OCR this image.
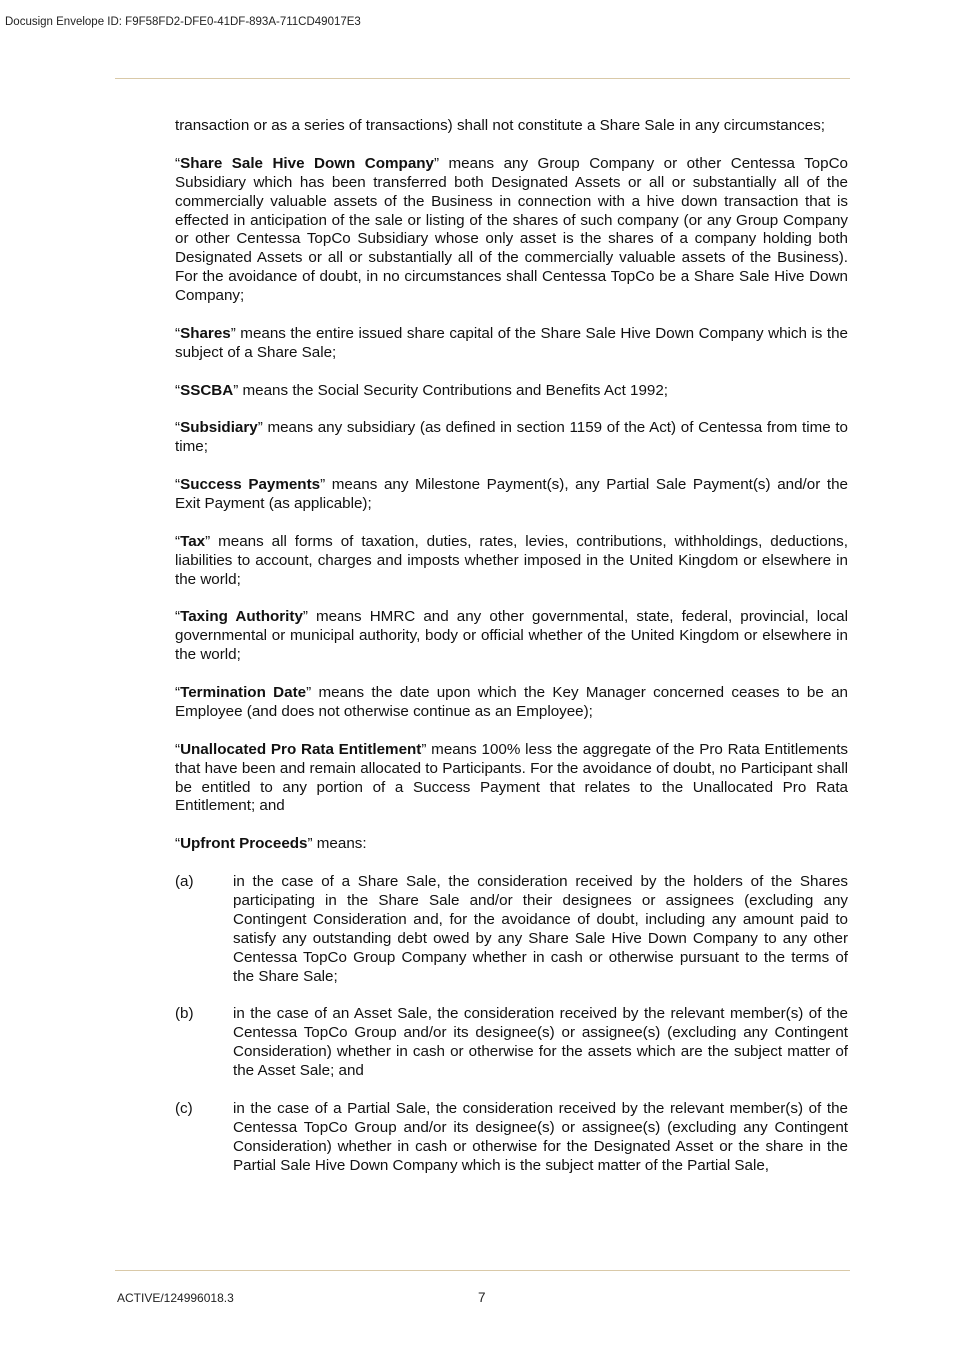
Docusign Envelope ID: F9F58FD2-DFE0-41DF-893A-711CD49017E3

transaction or as a series of transactions) shall not constitute a Share Sale in any circumstances;

“Share Sale Hive Down Company” means any Group Company or other Centessa TopCo Subsidiary which has been transferred both Designated Assets or all or substantially all of the commercially valuable assets of the Business in connection with a hive down transaction that is effected in anticipation of the sale or listing of the shares of such company (or any Group Company or other Centessa TopCo Subsidiary whose only asset is the shares of a company holding both Designated Assets or all or substantially all of the commercially valuable assets of the Business). For the avoidance of doubt, in no circumstances shall Centessa TopCo be a Share Sale Hive Down Company;

“Shares” means the entire issued share capital of the Share Sale Hive Down Company which is the subject of a Share Sale;

“SSCBA” means the Social Security Contributions and Benefits Act 1992;

“Subsidiary” means any subsidiary (as defined in section 1159 of the Act) of Centessa from time to time;

“Success Payments” means any Milestone Payment(s), any Partial Sale Payment(s) and/or the Exit Payment (as applicable);

“Tax” means all forms of taxation, duties, rates, levies, contributions, withholdings, deductions, liabilities to account, charges and imposts whether imposed in the United Kingdom or elsewhere in the world;

“Taxing Authority” means HMRC and any other governmental, state, federal, provincial, local governmental or municipal authority, body or official whether of the United Kingdom or elsewhere in the world;

“Termination Date” means the date upon which the Key Manager concerned ceases to be an Employee (and does not otherwise continue as an Employee);

“Unallocated Pro Rata Entitlement” means 100% less the aggregate of the Pro Rata Entitlements that have been and remain allocated to Participants. For the avoidance of doubt, no Participant shall be entitled to any portion of a Success Payment that relates to the Unallocated Pro Rata Entitlement; and

“Upfront Proceeds” means:

(a)	in the case of a Share Sale, the consideration received by the holders of the Shares participating in the Share Sale and/or their designees or assignees (excluding any Contingent Consideration and, for the avoidance of doubt, including any amount paid to satisfy any outstanding debt owed by any Share Sale Hive Down Company to any other Centessa TopCo Group Company whether in cash or otherwise pursuant to the terms of the Share Sale;
(b)	in the case of an Asset Sale, the consideration received by the relevant member(s) of the Centessa TopCo Group and/or its designee(s) or assignee(s) (excluding any Contingent Consideration) whether in cash or otherwise for the assets which are the subject matter of the Asset Sale; and
(c)	in the case of a Partial Sale, the consideration received by the relevant member(s) of the Centessa TopCo Group and/or its designee(s) or assignee(s) (excluding any Contingent Consideration) whether in cash or otherwise for the Designated Asset or the share in the Partial Sale Hive Down Company which is the subject matter of the Partial Sale,
ACTIVE/124996018.3	7
